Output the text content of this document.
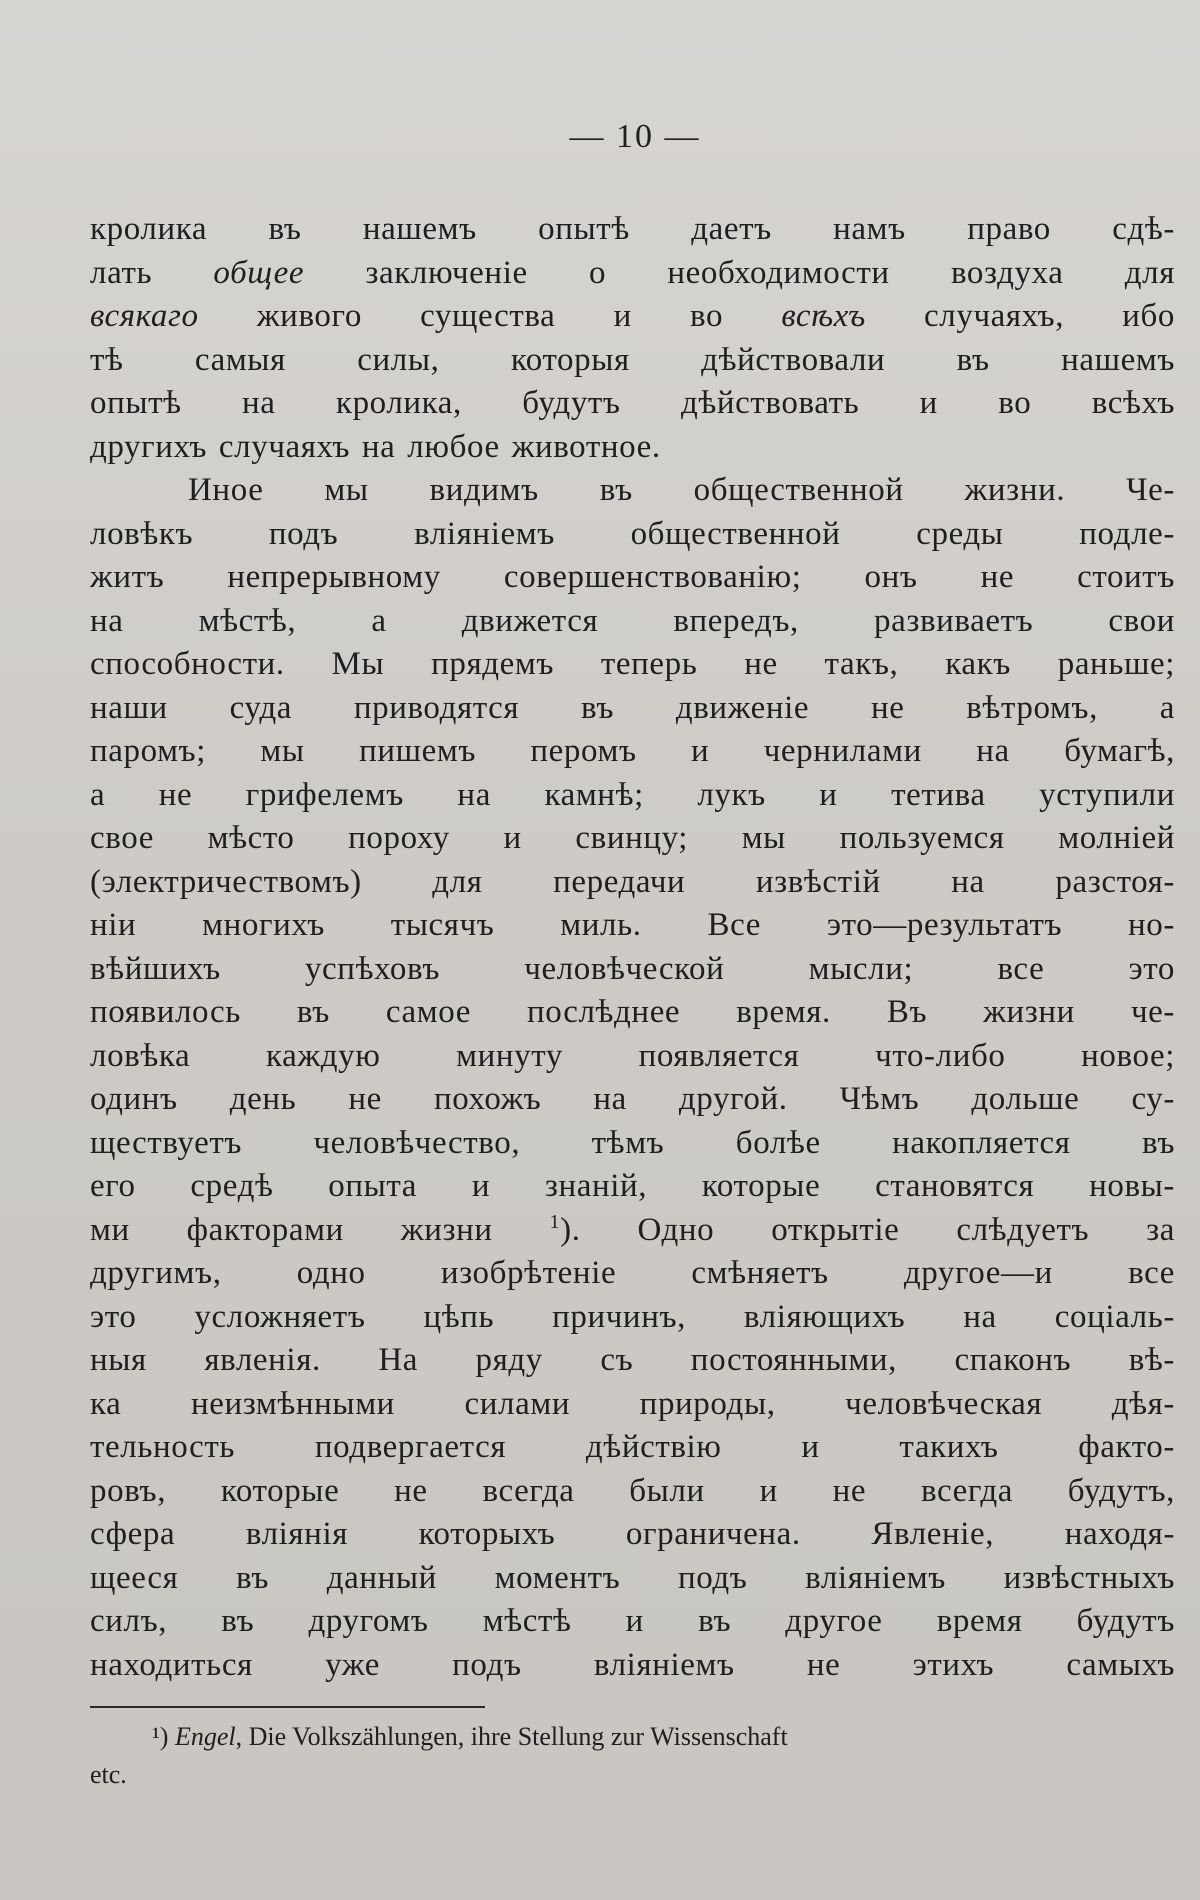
— 10 —
кролика въ нашемъ опытѣ даетъ намъ право сдѣ-
лать общее заключеніе о необходимости воздуха для
всякаго живого существа и во всѣхъ случаяхъ, ибо
тѣ самыя силы, которыя дѣйствовали въ нашемъ
опытѣ на кролика, будутъ дѣйствовать и во всѣхъ
другихъ случаяхъ на любое животное.
Иное мы видимъ въ общественной жизни. Че-
ловѣкъ подъ вліяніемъ общественной среды подле-
житъ непрерывному совершенствованію; онъ не стоитъ
на мѣстѣ, а движется впередъ, развиваетъ свои
способности. Мы прядемъ теперь не такъ, какъ раньше;
наши суда приводятся въ движеніе не вѣтромъ, а
паромъ; мы пишемъ перомъ и чернилами на бумагѣ,
а не грифелемъ на камнѣ; лукъ и тетива уступили
свое мѣсто пороху и свинцу; мы пользуемся молніей
(электричествомъ) для передачи извѣстій на разстоя-
ніи многихъ тысячъ миль. Все это—результатъ но-
вѣйшихъ успѣховъ человѣческой мысли; все это
появилось въ самое послѣднее время. Въ жизни че-
ловѣка каждую минуту появляется что-либо новое;
одинъ день не похожъ на другой. Чѣмъ дольше су-
ществуетъ человѣчество, тѣмъ болѣе накопляется въ
его средѣ опыта и знаній, которые становятся новы-
ми факторами жизни $^1$). Одно открытіе слѣдуетъ за
другимъ, одно изобрѣтеніе смѣняетъ другое—и все
это усложняетъ цѣпь причинъ, вліяющихъ на соціаль-
ныя явленія. На ряду съ постоянными, спаконъ вѣ-
ка неизмѣнными силами природы, человѣческая дѣя-
тельность подвергается дѣйствію и такихъ факто-
ровъ, которые не всегда были и не всегда будутъ,
сфера вліянія которыхъ ограничена. Явленіе, находя-
щееся въ данный моментъ подъ вліяніемъ извѣстныхъ
силъ, въ другомъ мѣстѣ и въ другое время будутъ
находиться уже подъ вліяніемъ не этихъ самыхъ
¹) Engel, Die Volkszählungen, ihre Stellung zur Wissenschaft
etc.
